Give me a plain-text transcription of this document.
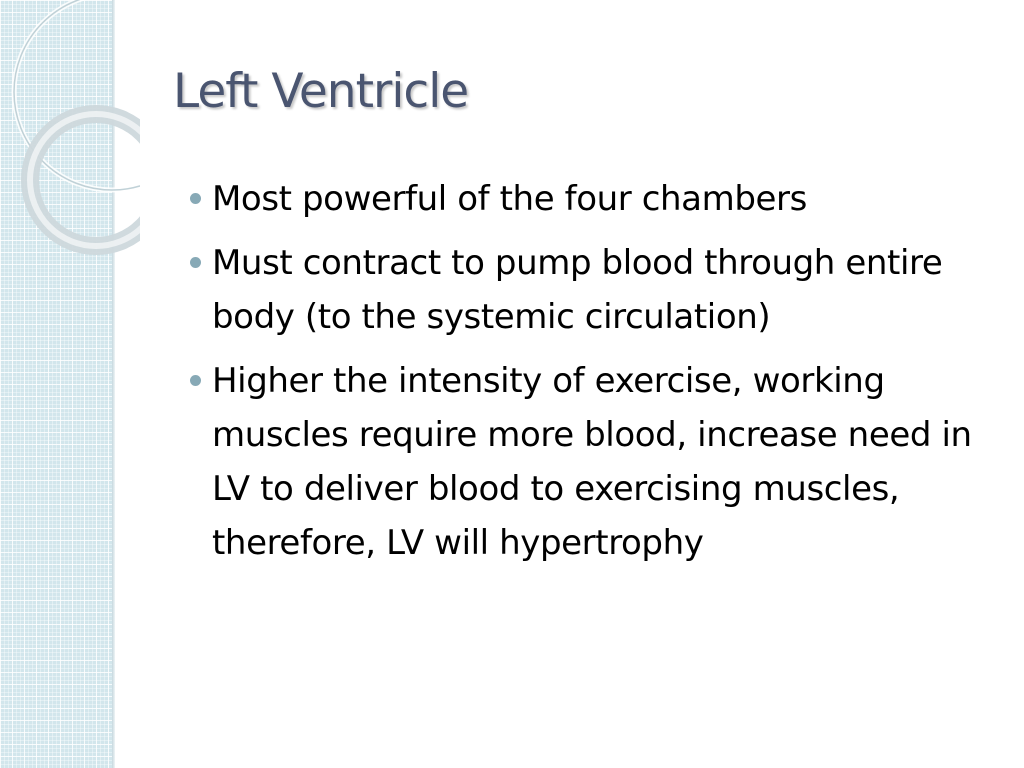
Left Ventricle
Most powerful of the four chambers
Must contract to pump blood through entire body (to the systemic circulation)
Higher the intensity of exercise, working muscles require more blood, increase need in LV to deliver blood to exercising muscles, therefore, LV will hypertrophy
